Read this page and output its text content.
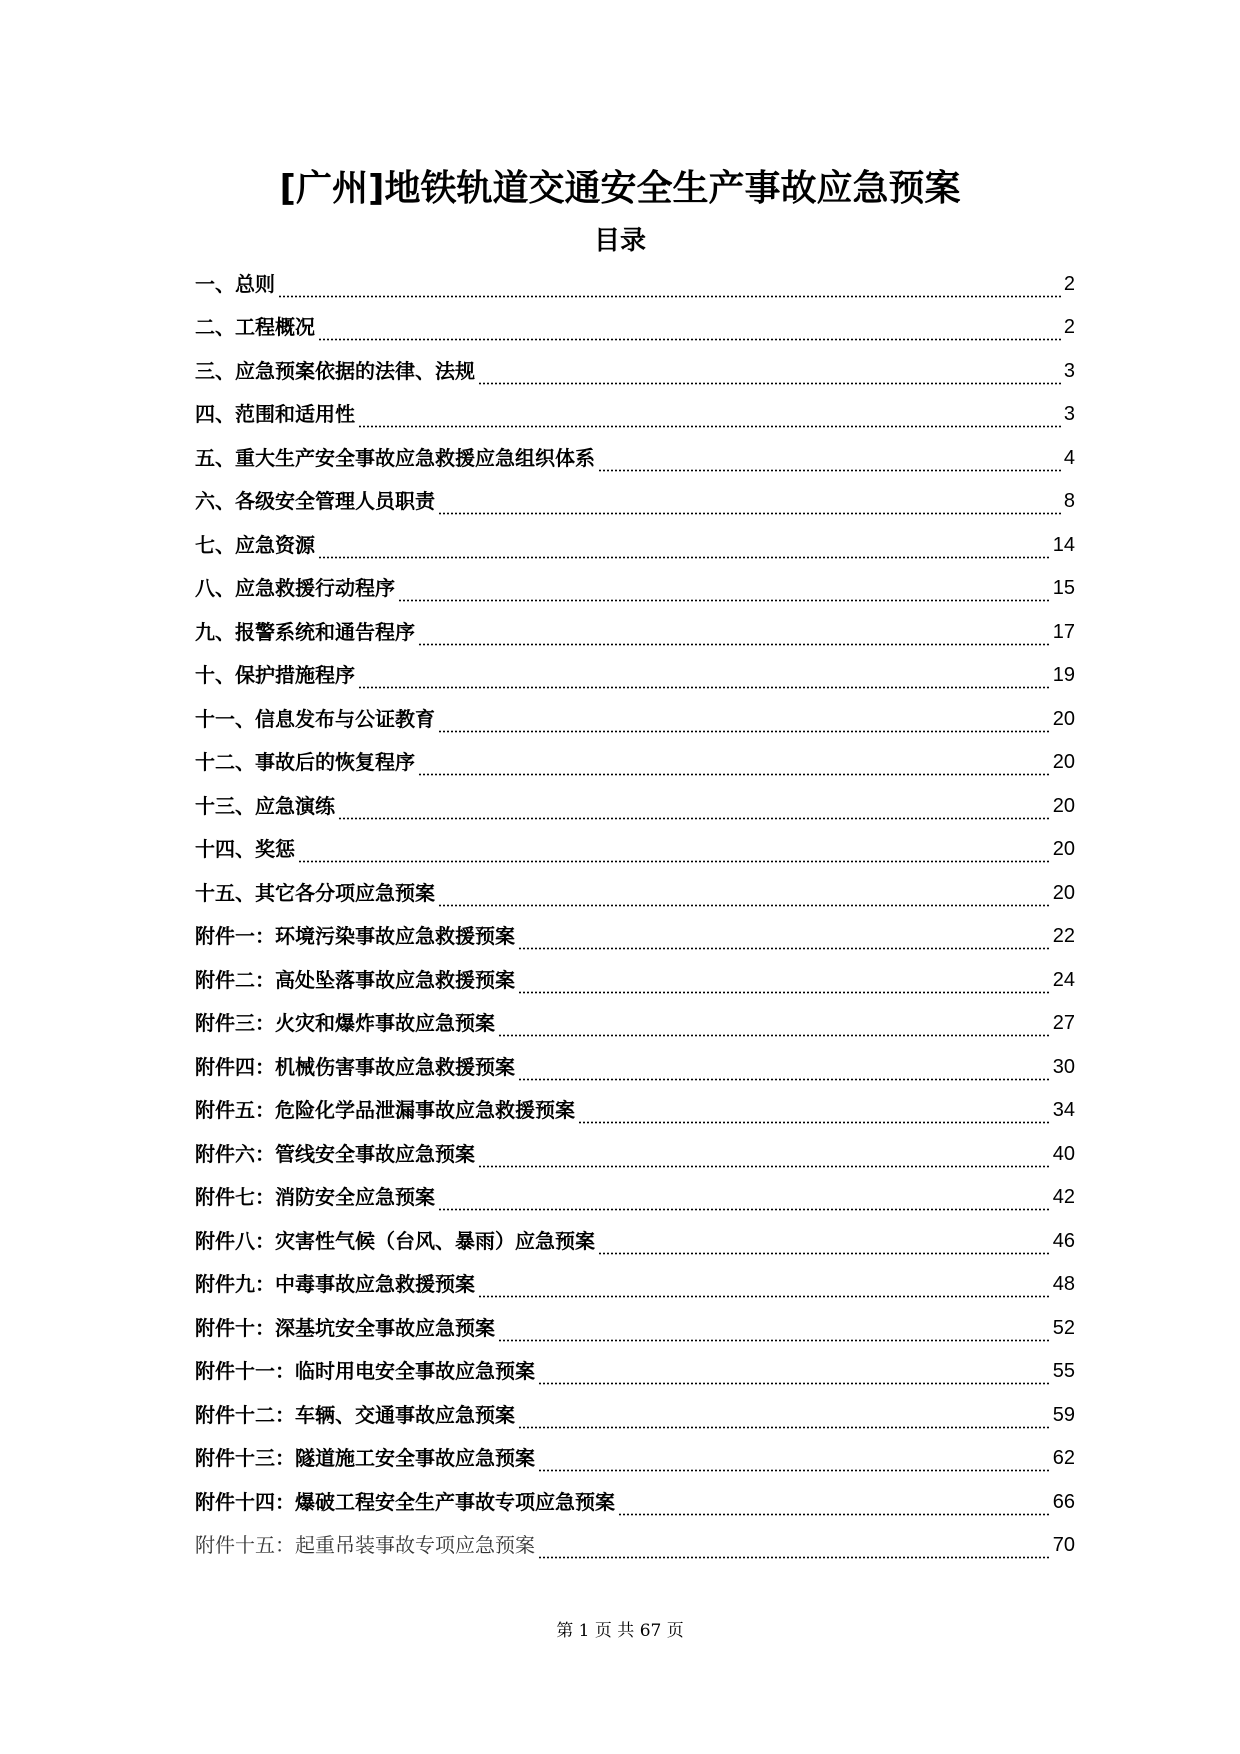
[广州]地铁轨道交通安全生产事故应急预案
目录
一、总则	2
二、工程概况	2
三、应急预案依据的法律、法规	3
四、范围和适用性	3
五、重大生产安全事故应急救援应急组织体系	4
六、各级安全管理人员职责	8
七、应急资源	14
八、应急救援行动程序	15
九、报警系统和通告程序	17
十、保护措施程序	19
十一、信息发布与公证教育	20
十二、事故后的恢复程序	20
十三、应急演练	20
十四、奖惩	20
十五、其它各分项应急预案	20
附件一：环境污染事故应急救援预案	22
附件二：高处坠落事故应急救援预案	24
附件三：火灾和爆炸事故应急预案	27
附件四：机械伤害事故应急救援预案	30
附件五：危险化学品泄漏事故应急救援预案	34
附件六：管线安全事故应急预案	40
附件七：消防安全应急预案	42
附件八：灾害性气候（台风、暴雨）应急预案	46
附件九：中毒事故应急救援预案	48
附件十：深基坑安全事故应急预案	52
附件十一：临时用电安全事故应急预案	55
附件十二：车辆、交通事故应急预案	59
附件十三：隧道施工安全事故应急预案	62
附件十四：爆破工程安全生产事故专项应急预案	66
附件十五：起重吊装事故专项应急预案	70
第 1 页 共 67 页
